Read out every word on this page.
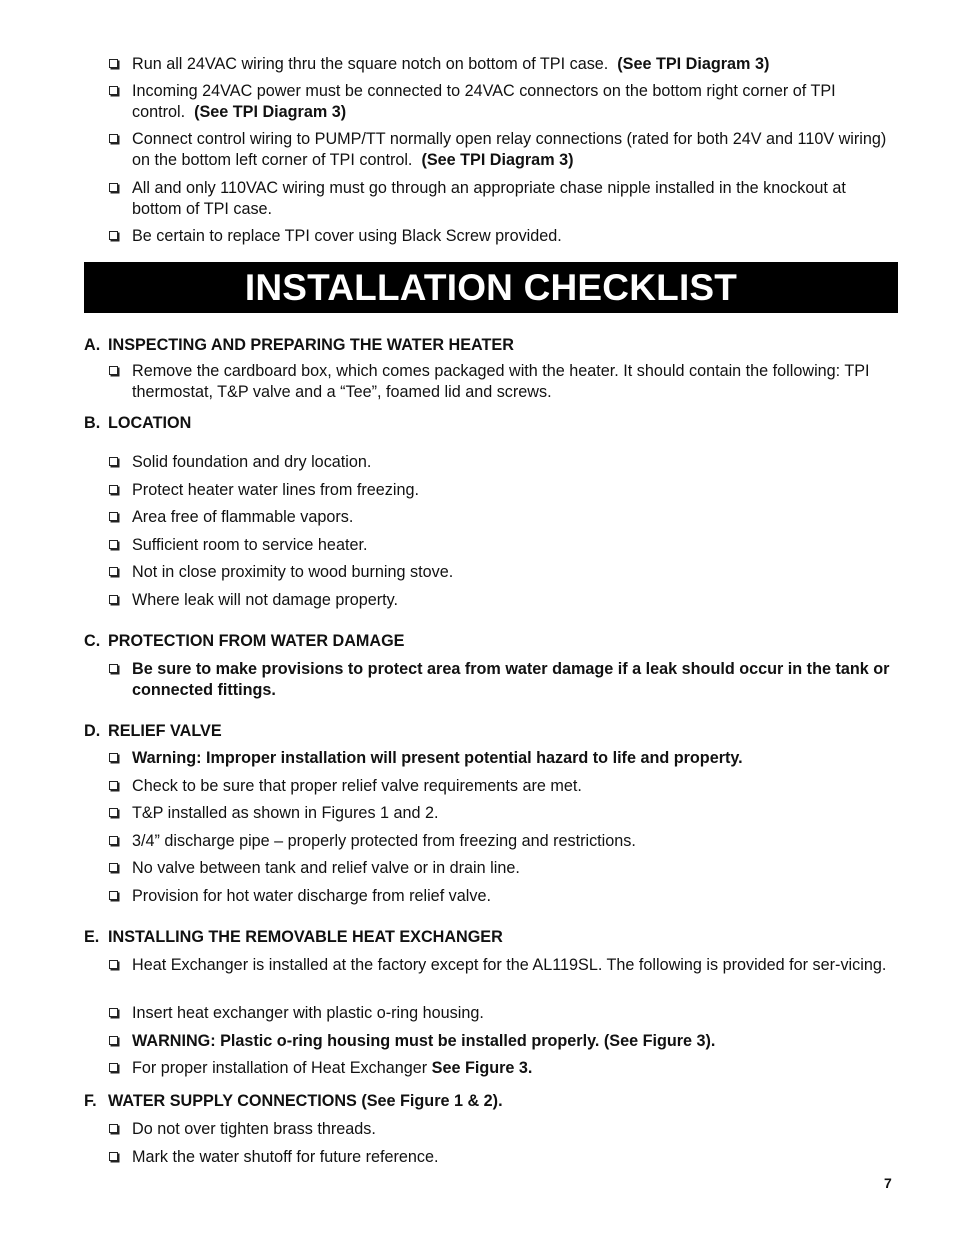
Run all 24VAC wiring thru the square notch on bottom of TPI case. (See TPI Diagram 3)
Incoming 24VAC power must be connected to 24VAC connectors on the bottom right corner of TPI control. (See TPI Diagram 3)
Connect control wiring to PUMP/TT normally open relay connections (rated for both 24V and 110V wiring) on the bottom left corner of TPI control. (See TPI Diagram 3)
All and only 110VAC wiring must go through an appropriate chase nipple installed in the knockout at bottom of TPI case.
Be certain to replace TPI cover using Black Screw provided.
INSTALLATION CHECKLIST
A. INSPECTING AND PREPARING THE WATER HEATER
Remove the cardboard box, which comes packaged with the heater. It should contain the following: TPI thermostat, T&P valve and a “Tee”, foamed lid and screws.
B. LOCATION
Solid foundation and dry location.
Protect heater water lines from freezing.
Area free of flammable vapors.
Sufficient room to service heater.
Not in close proximity to wood burning stove.
Where leak will not damage property.
C. PROTECTION FROM WATER DAMAGE
Be sure to make provisions to protect area from water damage if a leak should occur in the tank or connected fittings.
D. RELIEF VALVE
Warning: Improper installation will present potential hazard to life and property.
Check to be sure that proper relief valve requirements are met.
T&P installed as shown in Figures 1 and 2.
3/4” discharge pipe – properly protected from freezing and restrictions.
No valve between tank and relief valve or in drain line.
Provision for hot water discharge from relief valve.
E. INSTALLING THE REMOVABLE HEAT EXCHANGER
Heat Exchanger is installed at the factory except for the AL119SL. The following is provided for ser-vicing.
Insert heat exchanger with plastic o-ring housing.
WARNING: Plastic o-ring housing must be installed properly. (See Figure 3).
For proper installation of Heat Exchanger See Figure 3.
F. WATER SUPPLY CONNECTIONS (See Figure 1 & 2).
Do not over tighten brass threads.
Mark the water shutoff for future reference.
7
